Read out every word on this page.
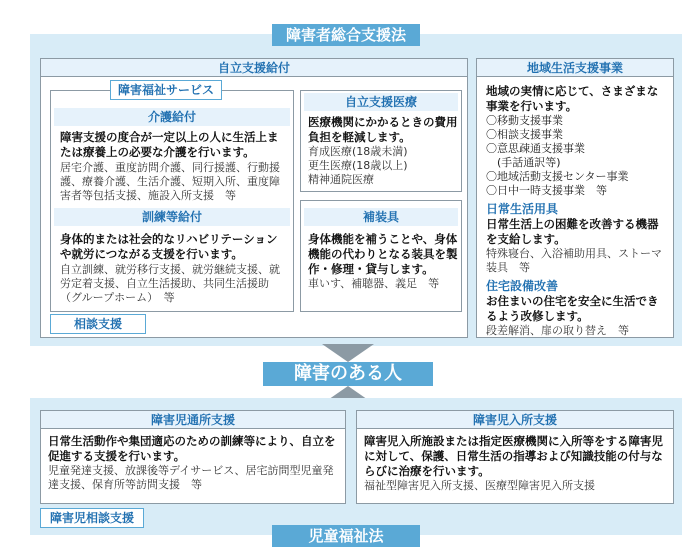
障害者総合支援法
自立支援給付
障害福祉サービス
介護給付
障害支援の度合が一定以上の人に生活上または療養上の必要な介護を行います。
居宅介護、重度訪問介護、同行援護、行動援護、療養介護、生活介護、短期入所、重度障害者等包括支援、施設入所支援　等
訓練等給付
身体的または社会的なリハビリテーションや就労につながる支援を行います。
自立訓練、就労移行支援、就労継続支援、就労定着支援、自立生活援助、共同生活援助（グループホーム）　等
相談支援
自立支援医療
医療機関にかかるときの費用負担を軽減します。
育成医療(18歳未満)
更生医療(18歳以上)
精神通院医療
補装具
身体機能を補うことや、身体機能の代わりとなる装具を製作・修理・貸与します。
車いす、補聴器、義足　等
地域生活支援事業
地域の実情に応じて、さまざまな事業を行います。
〇移動支援事業
〇相談支援事業
〇意思疎通支援事業
　(手話通訳等)
〇地域活動支援センター事業
〇日中一時支援事業　等
日常生活用具
日常生活上の困難を改善する機器を支給します。
特殊寝台、入浴補助用具、ストーマ装具　等
住宅設備改善
お住まいの住宅を安全に生活できるよう改修します。
段差解消、扉の取り替え　等
障害のある人
障害児通所支援
日常生活動作や集団適応のための訓練等により、自立を促進する支援を行います。
児童発達支援、放課後等デイサービス、居宅訪問型児童発達支援、保育所等訪問支援　等
障害児入所支援
障害児入所施設または指定医療機関に入所等をする障害児に対して、保護、日常生活の指導および知識技能の付与ならびに治療を行います。
福祉型障害児入所支援、医療型障害児入所支援
障害児相談支援
児童福祉法
